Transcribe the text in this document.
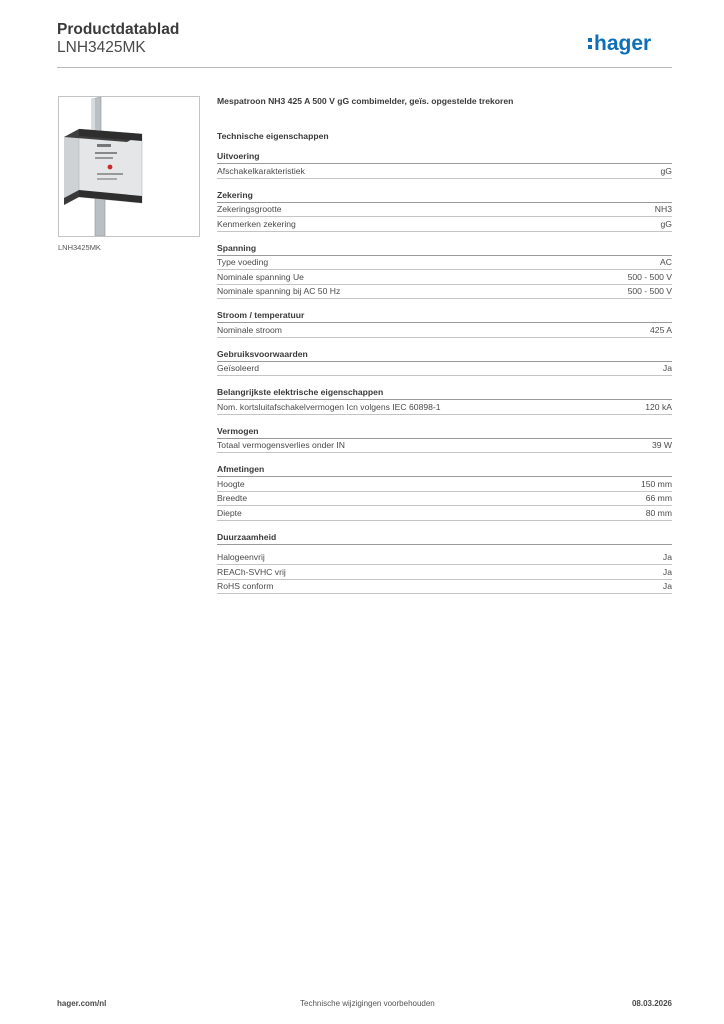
Productdatablad
LNH3425MK	hager
LNH3425MK
Mespatroon NH3 425 A 500 V gG combimelder, geïs. opgestelde trekoren
Technische eigenschappen
Uitvoering
Afschakelkarakteristiek	gG
Zekering
Zekeringsgrootte	NH3
Kenmerken zekering	gG
Spanning
Type voeding	AC
Nominale spanning Ue	500 - 500 V
Nominale spanning bij AC 50 Hz	500 - 500 V
Stroom / temperatuur
Nominale stroom	425 A
Gebruiksvoorwaarden
Geïsoleerd	Ja
Belangrijkste elektrische eigenschappen
Nom. kortsluitafschakelvermogen Icn volgens IEC 60898-1	120 kA
Vermogen
Totaal vermogensverlies onder IN	39 W
Afmetingen
Hoogte	150 mm
Breedte	66 mm
Diepte	80 mm
Duurzaamheid
Halogeenvrij	Ja
REACh-SVHC vrij	Ja
RoHS conform	Ja
hager.com/nl	Technische wijzigingen voorbehouden	08.03.2026
